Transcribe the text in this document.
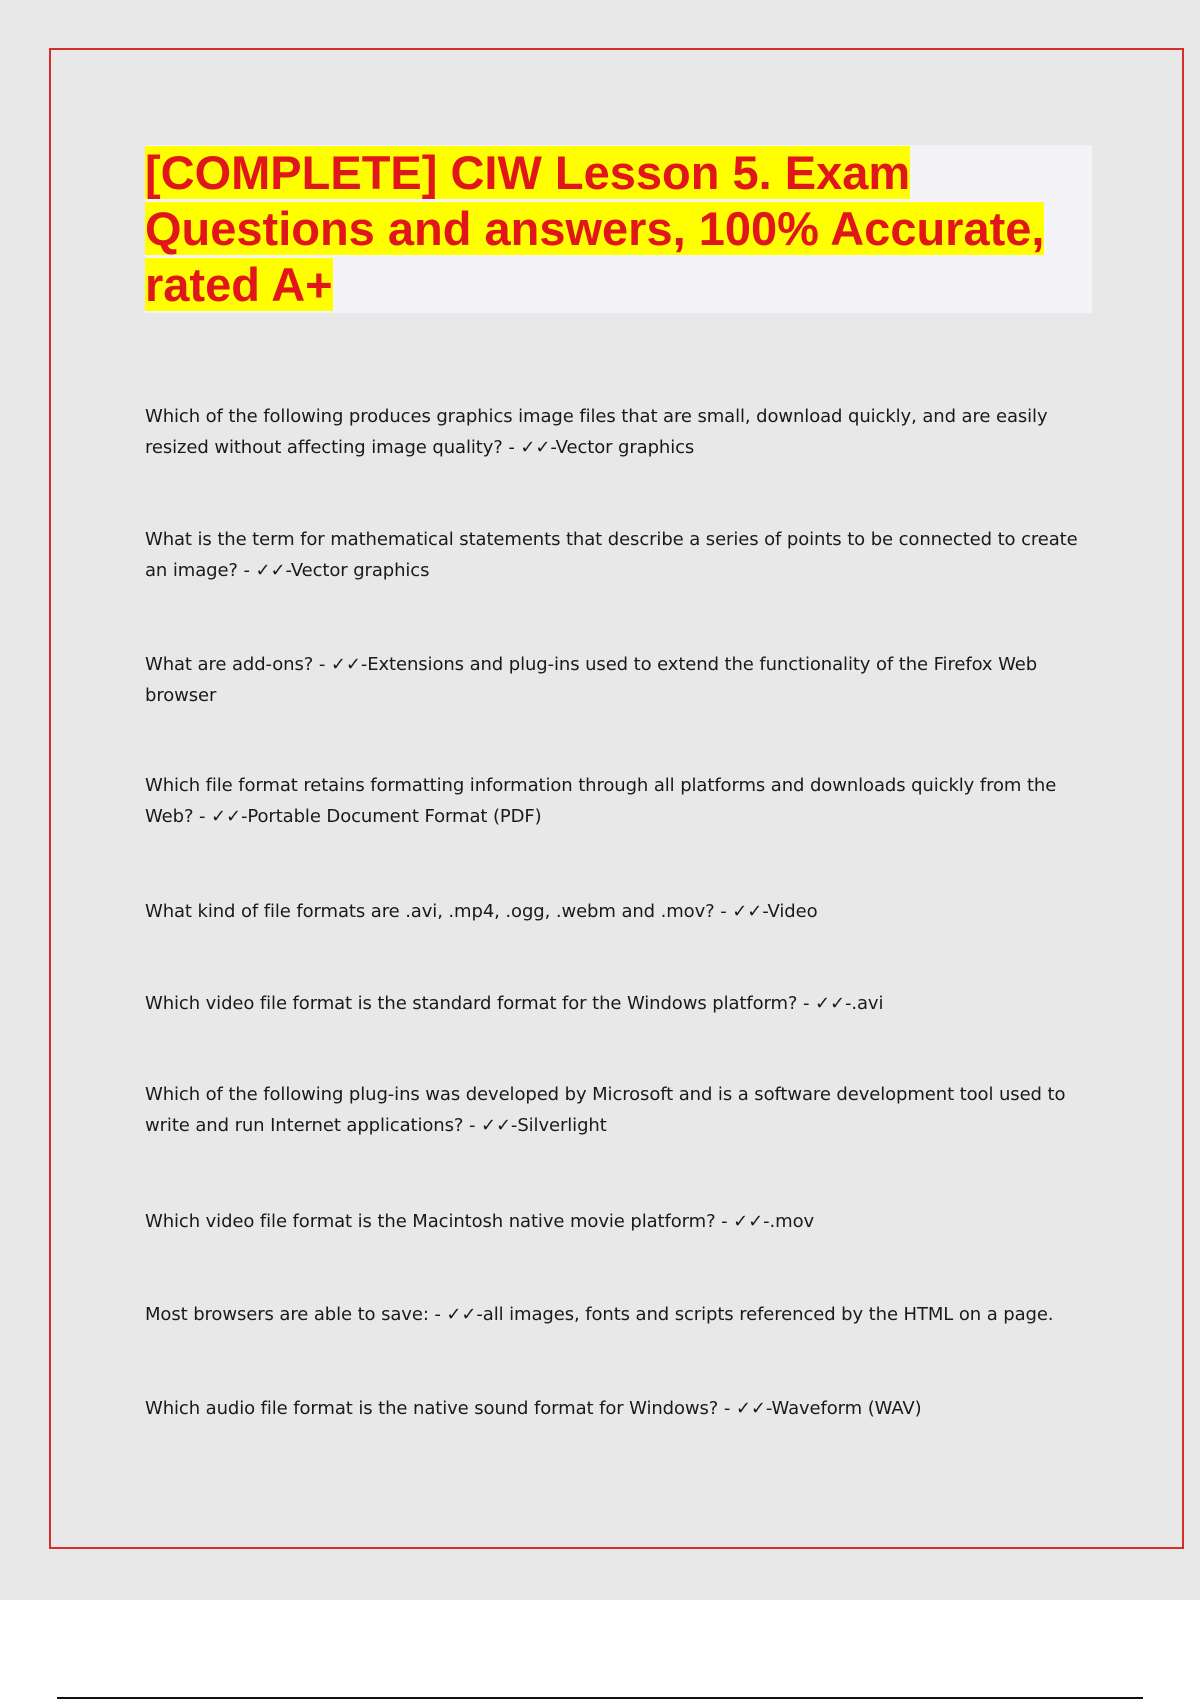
[COMPLETE] CIW Lesson 5. Exam
Questions and answers, 100% Accurate,
rated A+
Which of the following produces graphics image files that are small, download quickly, and are easily
resized without affecting image quality? - ✓✓-Vector graphics
What is the term for mathematical statements that describe a series of points to be connected to create
an image? - ✓✓-Vector graphics
What are add-ons? - ✓✓-Extensions and plug-ins used to extend the functionality of the Firefox Web
browser
Which file format retains formatting information through all platforms and downloads quickly from the
Web? - ✓✓-Portable Document Format (PDF)
What kind of file formats are .avi, .mp4, .ogg, .webm and .mov? - ✓✓-Video
Which video file format is the standard format for the Windows platform? - ✓✓-.avi
Which of the following plug-ins was developed by Microsoft and is a software development tool used to
write and run Internet applications? - ✓✓-Silverlight
Which video file format is the Macintosh native movie platform? - ✓✓-.mov
Most browsers are able to save: - ✓✓-all images, fonts and scripts referenced by the HTML on a page.
Which audio file format is the native sound format for Windows? - ✓✓-Waveform (WAV)
